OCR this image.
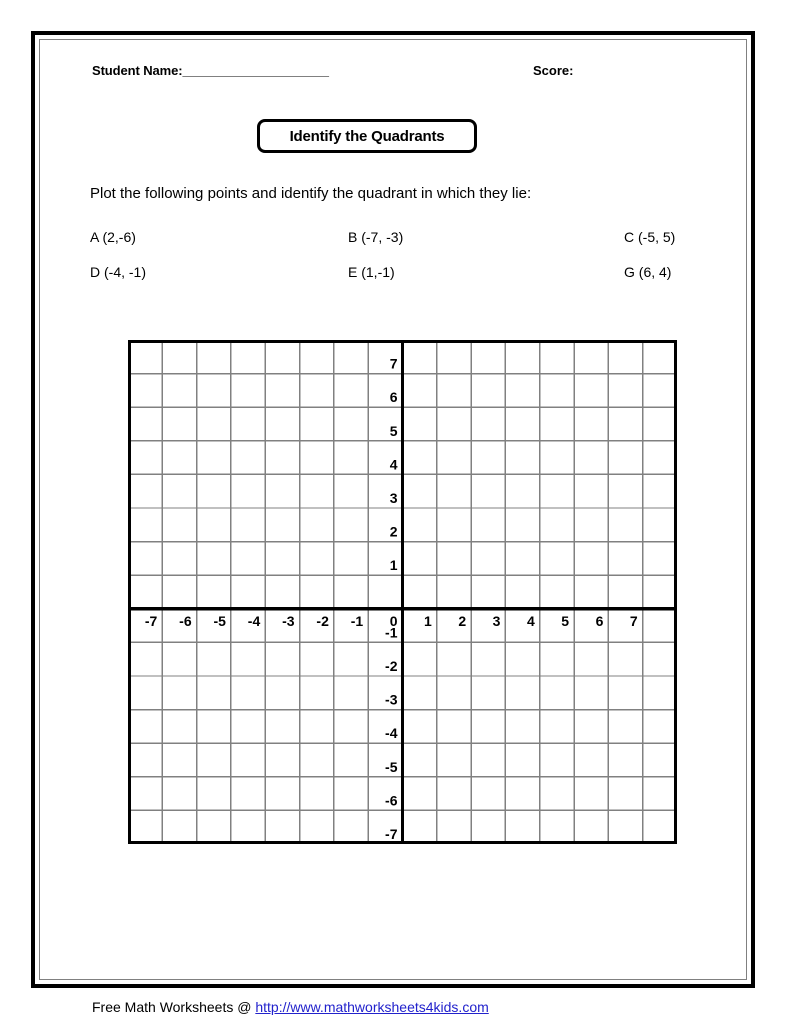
Student Name:_______________________	Score:
Identify the Quadrants
Plot the following points and identify the quadrant in which they lie:
A (2,-6)	B (-7, -3)	C (-5, 5)
D (-4, -1)	E (1,-1)	G (6, 4)
-7 -6 -5 -4 -3 -2 -1 0 1 2 3 4 5 6 7
7
6
5
4
3
2
1
-1
-2
-3
-4
-5
-6
-7
Free Math Worksheets @ http://www.mathworksheets4kids.com
